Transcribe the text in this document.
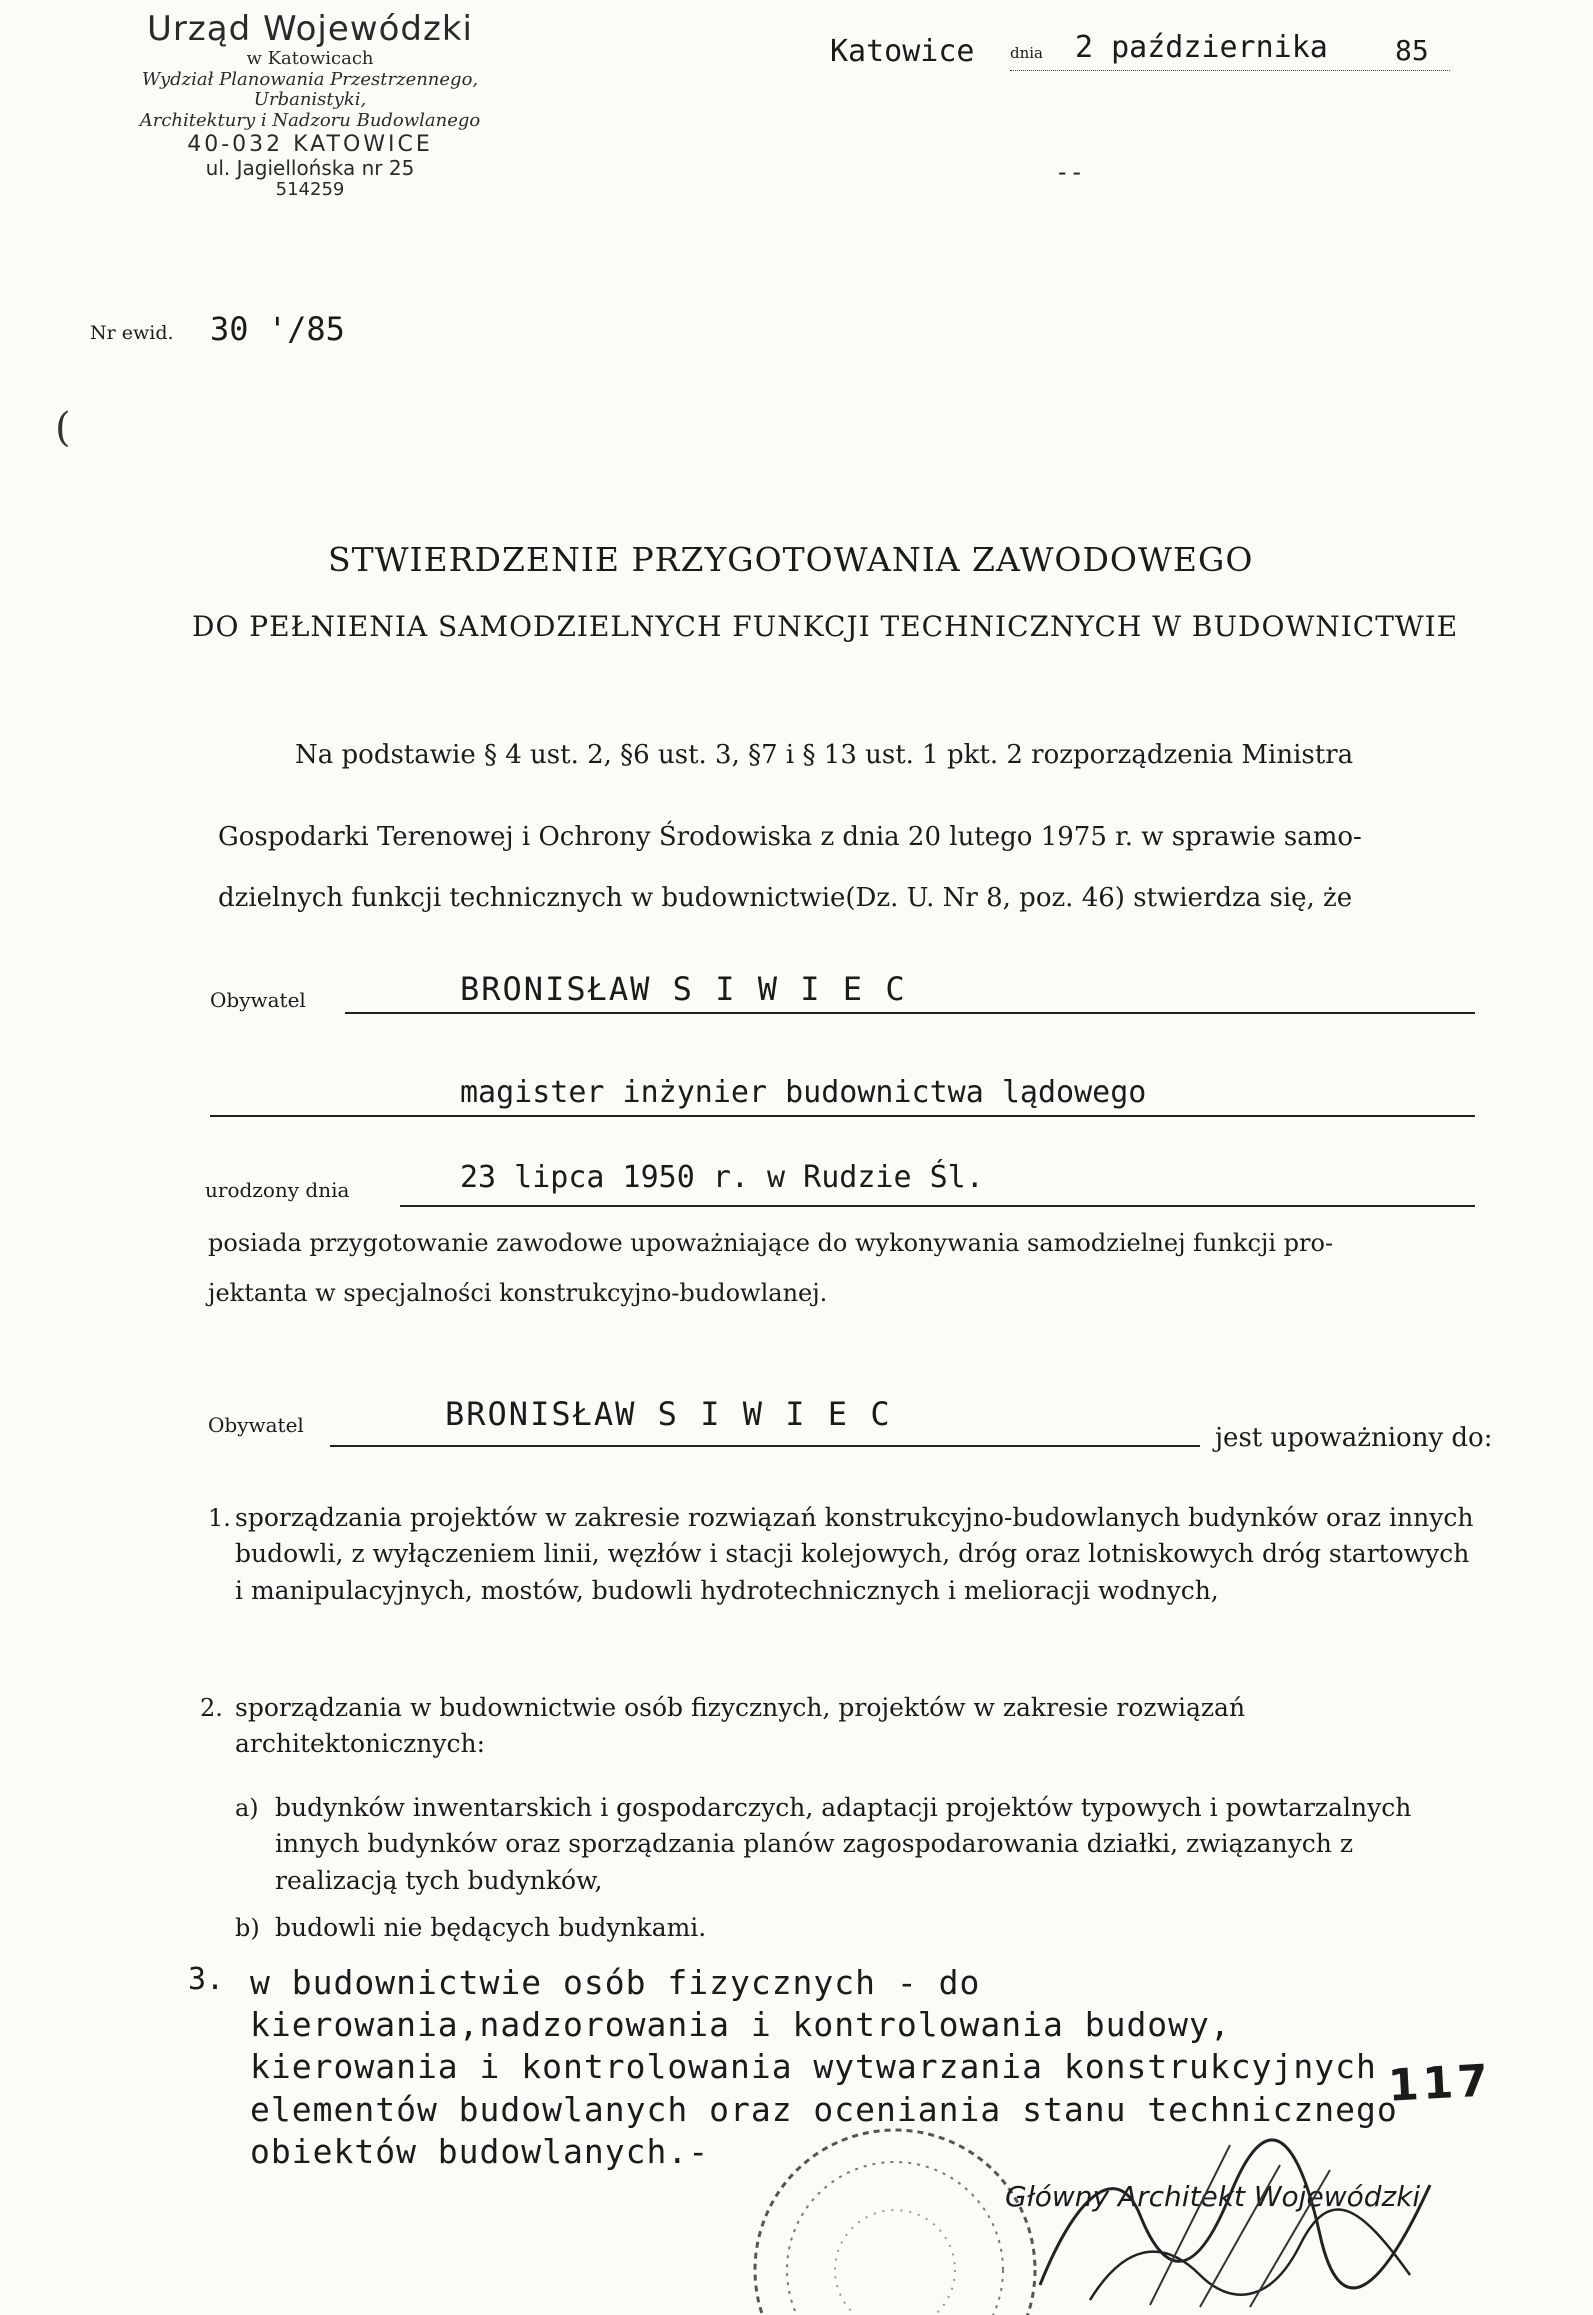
Urząd Wojewódzki
w Katowicach
Wydział Planowania Przestrzennego, Urbanistyki,
Architektury i Nadzoru Budowlanego
40-032 KATOWICE
ul. Jagiellońska nr 25
514259
Katowice dnia 2 października 85
--
Nr ewid. 30 '/85
STWIERDZENIE PRZYGOTOWANIA ZAWODOWEGO
DO PEŁNIENIA SAMODZIELNYCH FUNKCJI TECHNICZNYCH W BUDOWNICTWIE
Na podstawie § 4 ust. 2, §6 ust. 3, §7 i § 13 ust. 1 pkt. 2 rozporządzenia Ministra
Gospodarki Terenowej i Ochrony Środowiska z dnia 20 lutego 1975 r. w sprawie samo-
dzielnych funkcji technicznych w budownictwie(Dz. U. Nr 8, poz. 46) stwierdza się, że
Obywatel	BRONISŁAW S I W I E C
magister inżynier budownictwa lądowego
urodzony dnia	23 lipca 1950 r. w Rudzie Śl.
posiada przygotowanie zawodowe upoważniające do wykonywania samodzielnej funkcji pro-
jektanta w specjalności konstrukcyjno-budowlanej.
Obywatel	BRONISŁAW S I W I E C
jest upoważniony do:
1. sporządzania projektów w zakresie rozwiązań konstrukcyjno-budowlanych budynków oraz innych budowli, z wyłączeniem linii, węzłów i stacji kolejowych, dróg oraz lotniskowych dróg startowych i manipulacyjnych, mostów, budowli hydrotechnicznych i melioracji wodnych,
2. sporządzania w budownictwie osób fizycznych, projektów w zakresie rozwiązań architektonicznych:
a) budynków inwentarskich i gospodarczych, adaptacji projektów typowych i powtarzalnych innych budynków oraz sporządzania planów zagospodarowania działki, związanych z realizacją tych budynków,
b) budowli nie będących budynkami.
3. w budownictwie osób fizycznych - do kierowania,nadzorowania i kontrolowania budowy, kierowania i kontrolowania wytwarzania konstrukcyjnych elementów budowlanych oraz oceniania stanu technicznego obiektów budowlanych.-
117
Główny Architekt Wojewódzki
(
